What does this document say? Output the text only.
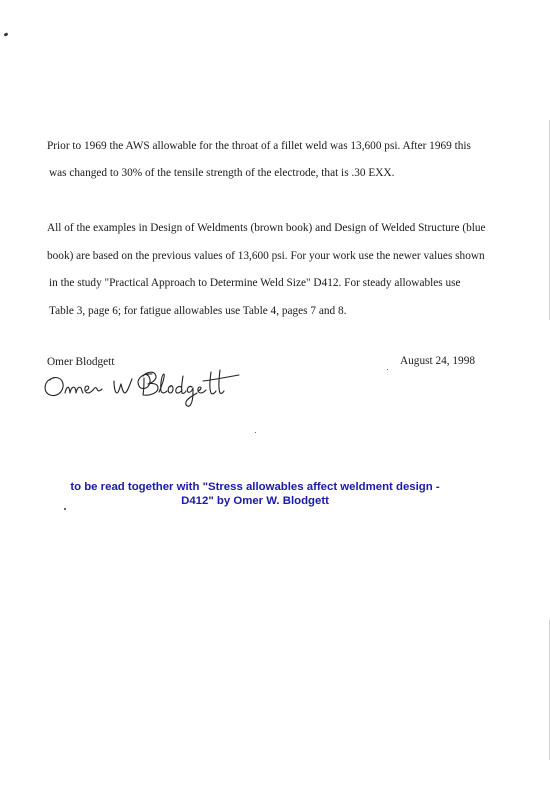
Prior to 1969 the AWS allowable for the throat of a fillet weld was 13,600 psi. After 1969 this
was changed to 30% of the tensile strength of the electrode, that is .30 EXX.
All of the examples in Design of Weldments (brown book) and Design of Welded Structure (blue
book) are based on the previous values of 13,600 psi. For your work use the newer values shown
in the study "Practical Approach to Determine Weld Size" D412. For steady allowables use
Table 3, page 6; for fatigue allowables use Table 4, pages 7 and 8.
Omer Blodgett	August 24, 1998
to be read together with "Stress allowables affect weldment design -
D412" by Omer W. Blodgett
